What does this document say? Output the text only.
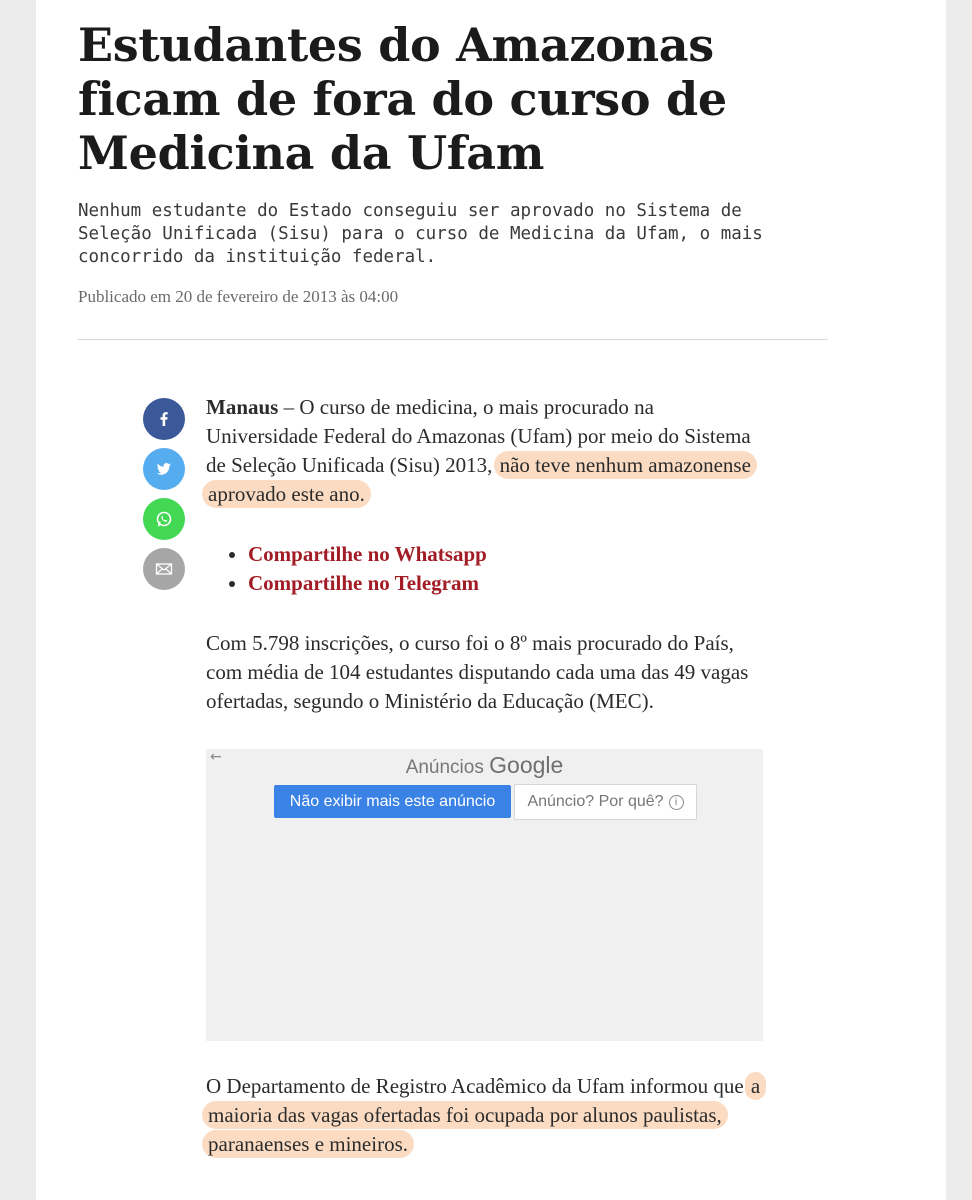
Estudantes do Amazonas ficam de fora do curso de Medicina da Ufam

Nenhum estudante do Estado conseguiu ser aprovado no Sistema de Seleção Unificada (Sisu) para o curso de Medicina da Ufam, o mais concorrido da instituição federal.

Publicado em 20 de fevereiro de 2013 às 04:00

Manaus – O curso de medicina, o mais procurado na Universidade Federal do Amazonas (Ufam) por meio do Sistema de Seleção Unificada (Sisu) 2013, não teve nenhum amazonense aprovado este ano.

• Compartilhe no Whatsapp
• Compartilhe no Telegram

Com 5.798 inscrições, o curso foi o 8º mais procurado do País, com média de 104 estudantes disputando cada uma das 49 vagas ofertadas, segundo o Ministério da Educação (MEC).

←	Anúncios Google
Não exibir mais este anúncio	Anúncio? Por quê?	i

O Departamento de Registro Acadêmico da Ufam informou que a maioria das vagas ofertadas foi ocupada por alunos paulistas, paranaenses e mineiros.
